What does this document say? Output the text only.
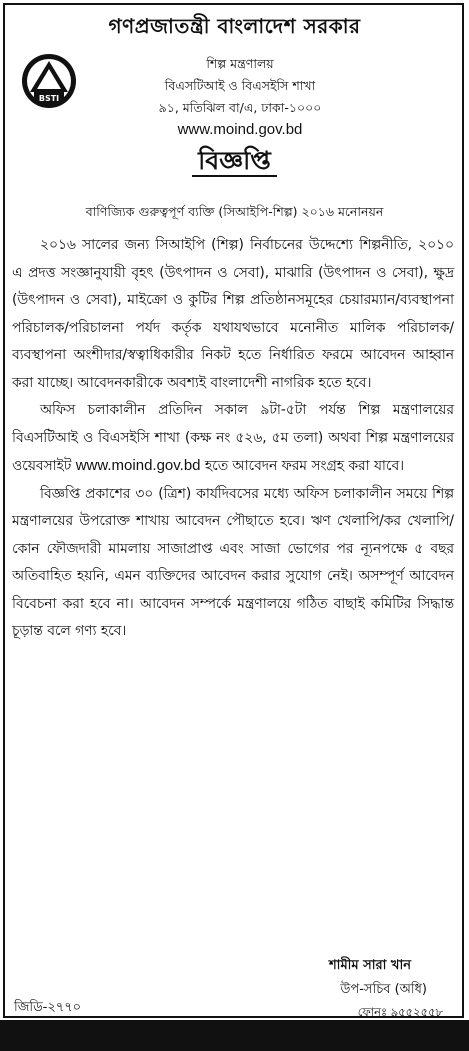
গণপ্রজাতন্ত্রী বাংলাদেশ সরকার
BSTI
শিল্প মন্ত্রণালয়
বিএসটিআই ও বিএসইসি শাখা
৯১, মতিঝিল বা/এ, ঢাকা-১০০০
www.moind.gov.bd
বিজ্ঞপ্তি
বাণিজ্যিক গুরুত্বপূর্ণ ব্যক্তি (সিআইপি-শিল্প) ২০১৬ মনোনয়ন

২০১৬ সালের জন্য সিআইপি (শিল্প) নির্বাচনের উদ্দেশ্যে শিল্পনীতি, ২০১০ এ প্রদত্ত সংজ্ঞানুযায়ী বৃহৎ (উৎপাদন ও সেবা), মাঝারি (উৎপাদন ও সেবা), ক্ষুদ্র (উৎপাদন ও সেবা), মাইক্রো ও কুটির শিল্প প্রতিষ্ঠানসমূহের চেয়ারম্যান/ব্যবস্থাপনা পরিচালক/পরিচালনা পর্যদ কর্তৃক যথাযথভাবে মনোনীত মালিক পরিচালক/ব্যবস্থাপনা অংশীদার/স্বত্বাধিকারীর নিকট হতে নির্ধারিত ফরমে আবেদন আহ্বান করা যাচ্ছে। আবেদনকারীকে অবশ্যই বাংলাদেশী নাগরিক হতে হবে।

অফিস চলাকালীন প্রতিদিন সকাল ৯টা-৫টা পর্যন্ত শিল্প মন্ত্রণালয়ের বিএসটিআই ও বিএসইসি শাখা (কক্ষ নং ৫২৬, ৫ম তলা) অথবা শিল্প মন্ত্রণালয়ের ওয়েবসাইট www.moind.gov.bd হতে আবেদন ফরম সংগ্রহ করা যাবে।

বিজ্ঞপ্তি প্রকাশের ৩০ (ত্রিশ) কার্যদিবসের মধ্যে অফিস চলাকালীন সময়ে শিল্প মন্ত্রণালয়ের উপরোক্ত শাখায় আবেদন পৌছাতে হবে। ঋণ খেলাপি/কর খেলাপি/কোন ফৌজদারী মামলায় সাজাপ্রাপ্ত এবং সাজা ভোগের পর ন্যূনপক্ষে ৫ বছর অতিবাহিত হয়নি, এমন ব্যক্তিদের আবেদন করার সুযোগ নেই। অসম্পূর্ণ আবেদন বিবেচনা করা হবে না। আবেদন সম্পর্কে মন্ত্রণালয়ে গঠিত বাছাই কমিটির সিদ্ধান্ত চূড়ান্ত বলে গণ্য হবে।

শামীম সারা খান
উপ-সচিব (অধি)
ফোনঃ ৯৫৫২৫৫৮
জিডি-২৭৭০
